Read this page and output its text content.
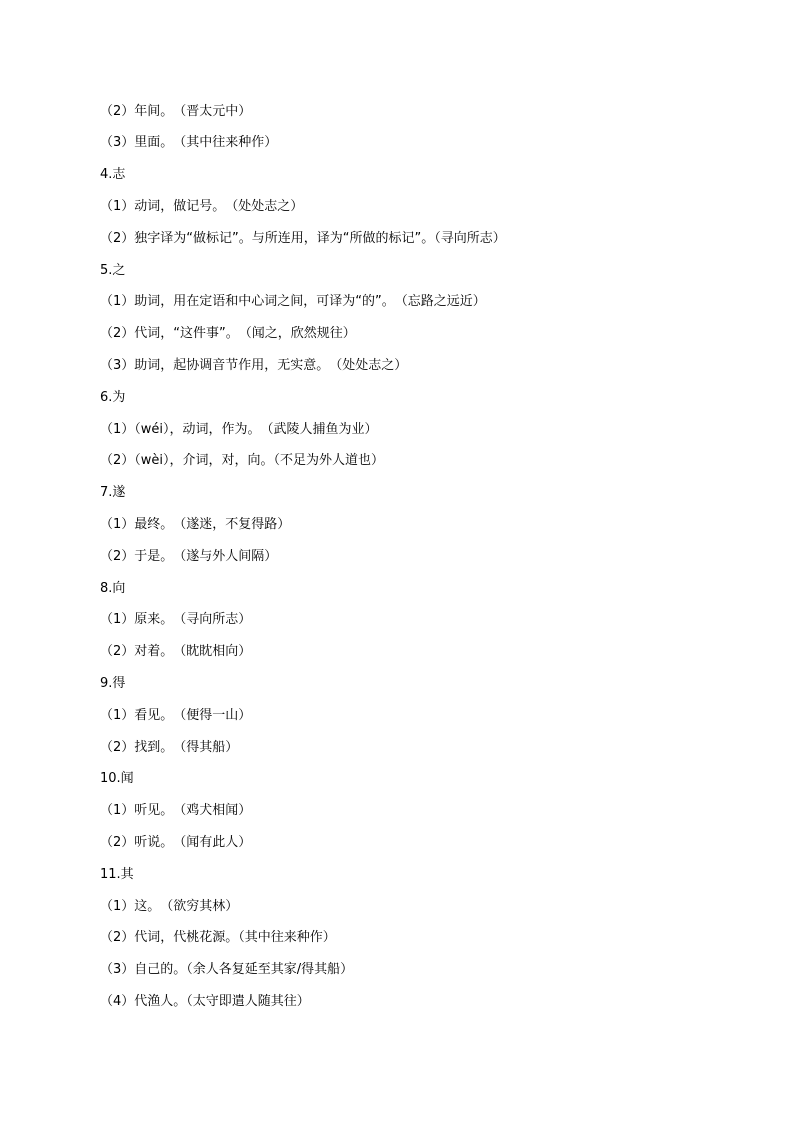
（2）年间。　（晋太元中）
（3）里面。　（其中往来种作）
4.志
（1）动词，做记号。　（处处志之）
（2）独字译为“做标记”。与所连用，译为“所做的标记”。（寻向所志）
5.之
（1）助词，用在定语和中心词之间，可译为“的”。　（忘路之远近）
（2）代词，“这件事”。　（闻之，欣然规往）
（3）助词，起协调音节作用，无实意。　（处处志之）
6.为
（1）（wéi），动词，作为。　（武陵人捕鱼为业）
（2）（wèi），介词，对，向。（不足为外人道也）
7.遂
（1）最终。　（遂迷，不复得路）
（2）于是。　（遂与外人间隔）
8.向
（1）原来。　（寻向所志）
（2）对着。　（眈眈相向）
9.得
（1）看见。　（便得一山）
（2）找到。　（得其船）
10.闻
（1）听见。　（鸡犬相闻）
（2）听说。　（闻有此人）
11.其
（1）这。　（欲穷其林）
（2）代词，代桃花源。（其中往来种作）
（3）自己的。（余人各复延至其家/得其船）
（4）代渔人。（太守即遣人随其往）
